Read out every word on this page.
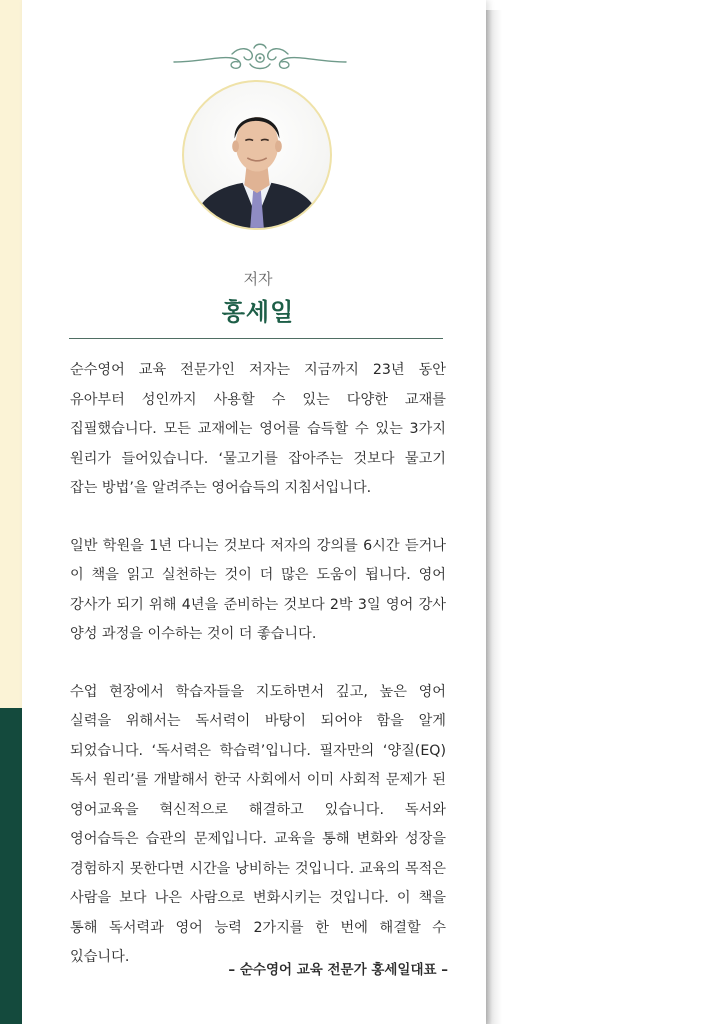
저자
홍세일

순수영어 교육 전문가인 저자는 지금까지 23년 동안 유아부터 성인까지 사용할 수 있는 다양한 교재를 집필했습니다. 모든 교재에는 영어를 습득할 수 있는 3가지 원리가 들어있습니다. ‘물고기를 잡아주는 것보다 물고기 잡는 방법’을 알려주는 영어습득의 지침서입니다.

일반 학원을 1년 다니는 것보다 저자의 강의를 6시간 듣거나 이 책을 읽고 실천하는 것이 더 많은 도움이 됩니다. 영어 강사가 되기 위해 4년을 준비하는 것보다 2박 3일 영어 강사 양성 과정을 이수하는 것이 더 좋습니다.

수업 현장에서 학습자들을 지도하면서 깊고, 높은 영어 실력을 위해서는 독서력이 바탕이 되어야 함을 알게 되었습니다. ‘독서력은 학습력’입니다. 필자만의 ‘양질(EQ) 독서 원리’를 개발해서 한국 사회에서 이미 사회적 문제가 된 영어교육을 혁신적으로 해결하고 있습니다. 독서와 영어습득은 습관의 문제입니다. 교육을 통해 변화와 성장을 경험하지 못한다면 시간을 낭비하는 것입니다. 교육의 목적은 사람을 보다 나은 사람으로 변화시키는 것입니다. 이 책을 통해 독서력과 영어 능력 2가지를 한 번에 해결할 수 있습니다.

– 순수영어 교육 전문가 홍세일대표 –
